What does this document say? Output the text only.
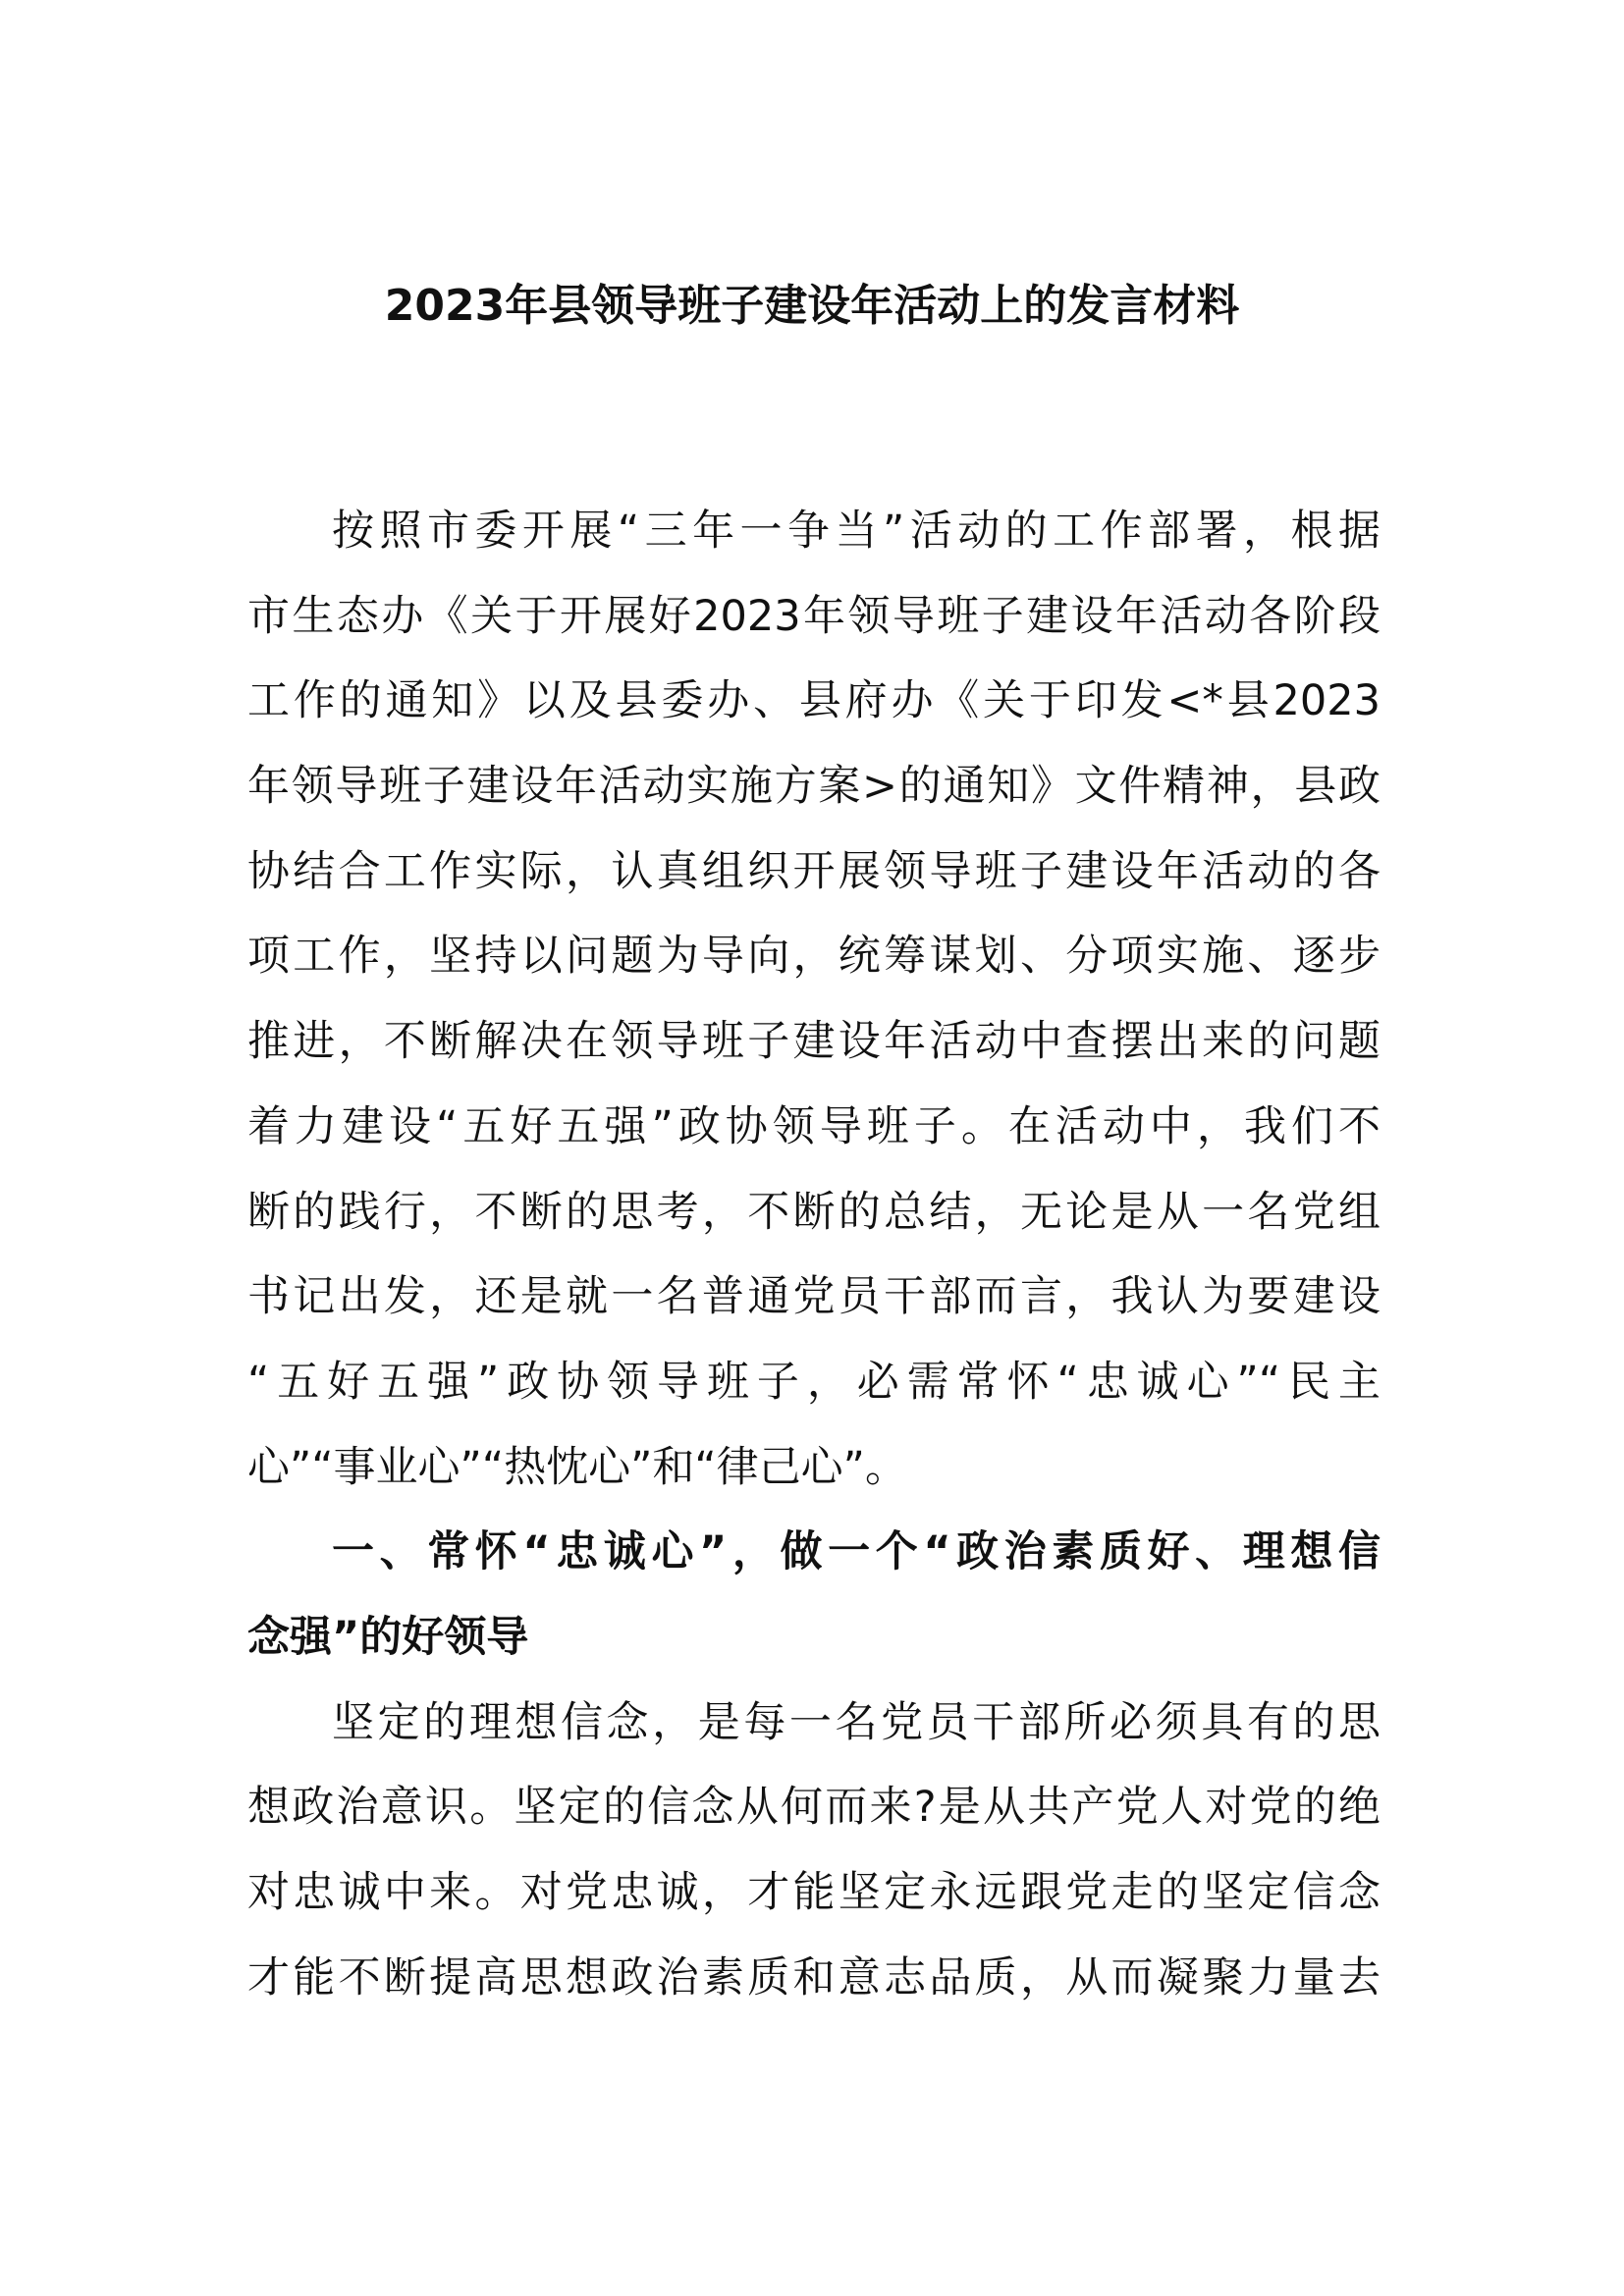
2023年县领导班子建设年活动上的发言材料
按照市委开展“三年一争当”活动的工作部署，根据
市生态办《关于开展好2023年领导班子建设年活动各阶段
工作的通知》以及县委办、县府办《关于印发<*县2023
年领导班子建设年活动实施方案>的通知》文件精神，县政
协结合工作实际，认真组织开展领导班子建设年活动的各
项工作，坚持以问题为导向，统筹谋划、分项实施、逐步
推进，不断解决在领导班子建设年活动中查摆出来的问题
着力建设“五好五强”政协领导班子。在活动中，我们不
断的践行，不断的思考，不断的总结，无论是从一名党组
书记出发，还是就一名普通党员干部而言，我认为要建设
“五好五强”政协领导班子，必需常怀“忠诚心”“民主
心”“事业心”“热忱心”和“律己心”。
一、常怀“忠诚心”，做一个“政治素质好、理想信
念强”的好领导
坚定的理想信念，是每一名党员干部所必须具有的思
想政治意识。坚定的信念从何而来?是从共产党人对党的绝
对忠诚中来。对党忠诚，才能坚定永远跟党走的坚定信念
才能不断提高思想政治素质和意志品质，从而凝聚力量去
